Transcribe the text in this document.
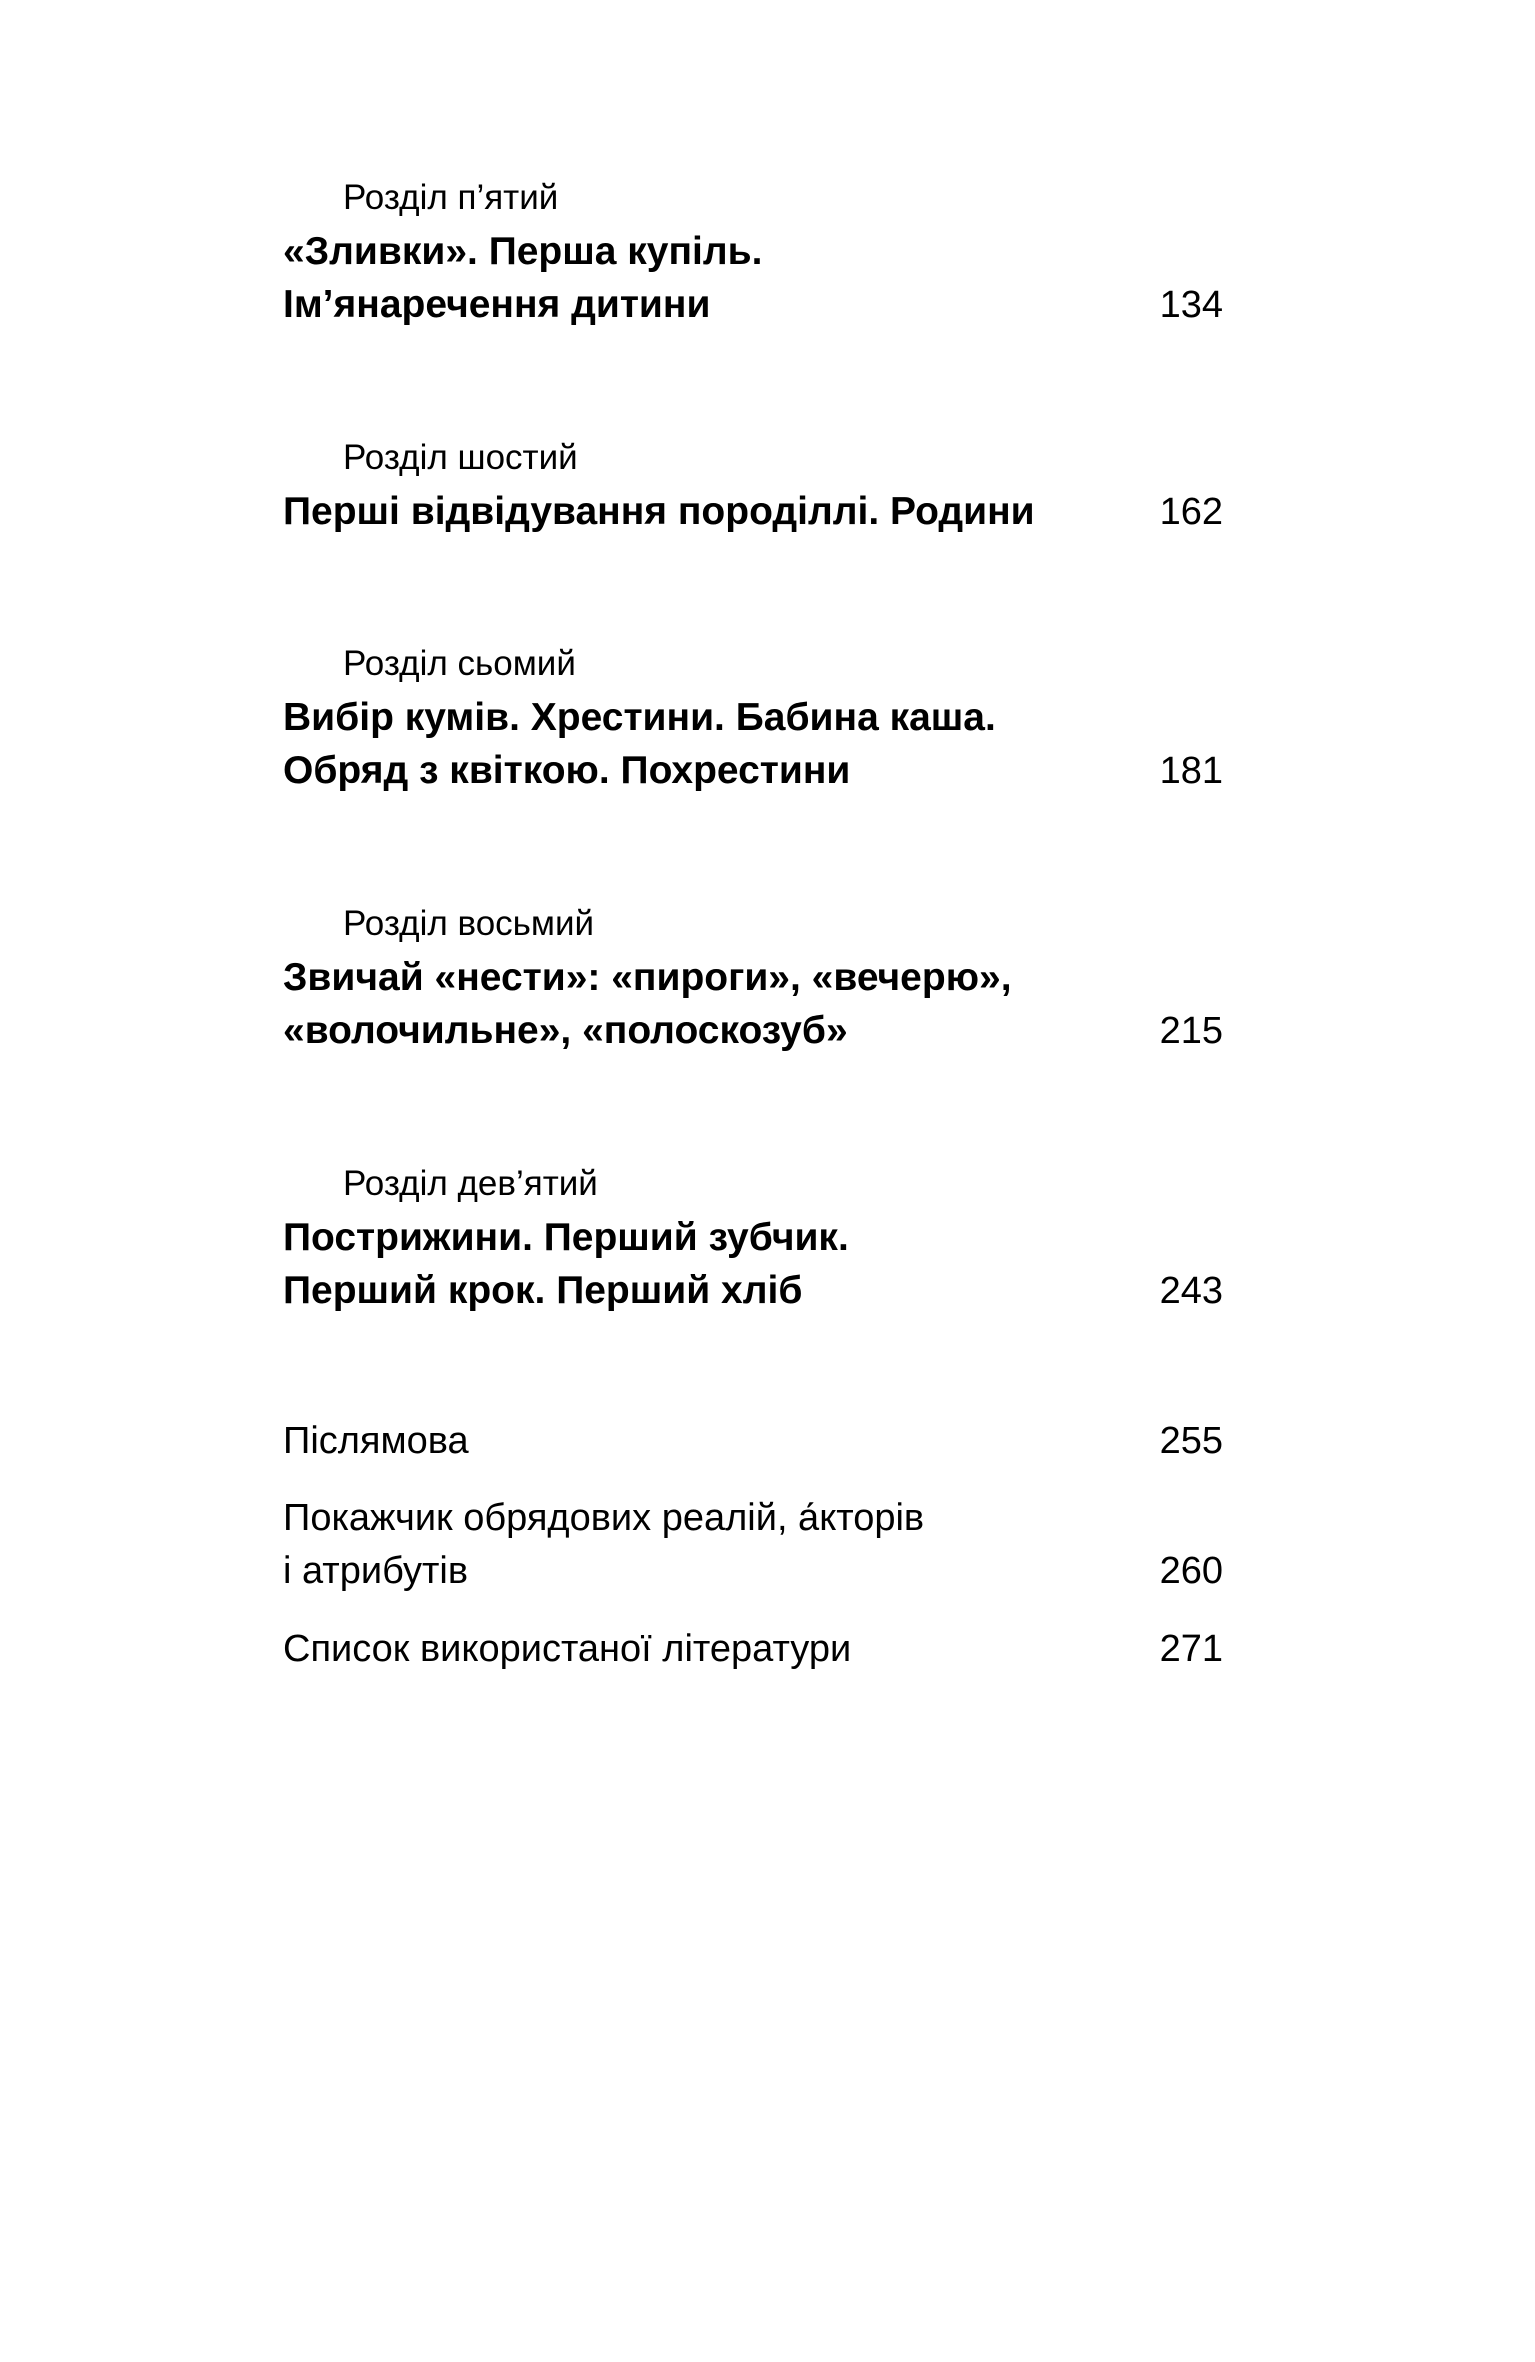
Розділ п’ятий
«Зливки». Перша купіль.
Ім’янаречення дитини	134
Розділ шостий
Перші відвідування породіллі. Родини	162
Розділ сьомий
Вибір кумів. Хрестини. Бабина каша.
Обряд з квіткою. Похрестини	181
Розділ восьмий
Звичай «нести»: «пироги», «вечерю»,
«волочильне», «полоскозуб»	215
Розділ дев’ятий
Пострижини. Перший зубчик.
Перший крок. Перший хліб	243
Післямова	255
Покажчик обрядових реалій, а́кторів
і атрибутів	260
Список використаної літератури	271
